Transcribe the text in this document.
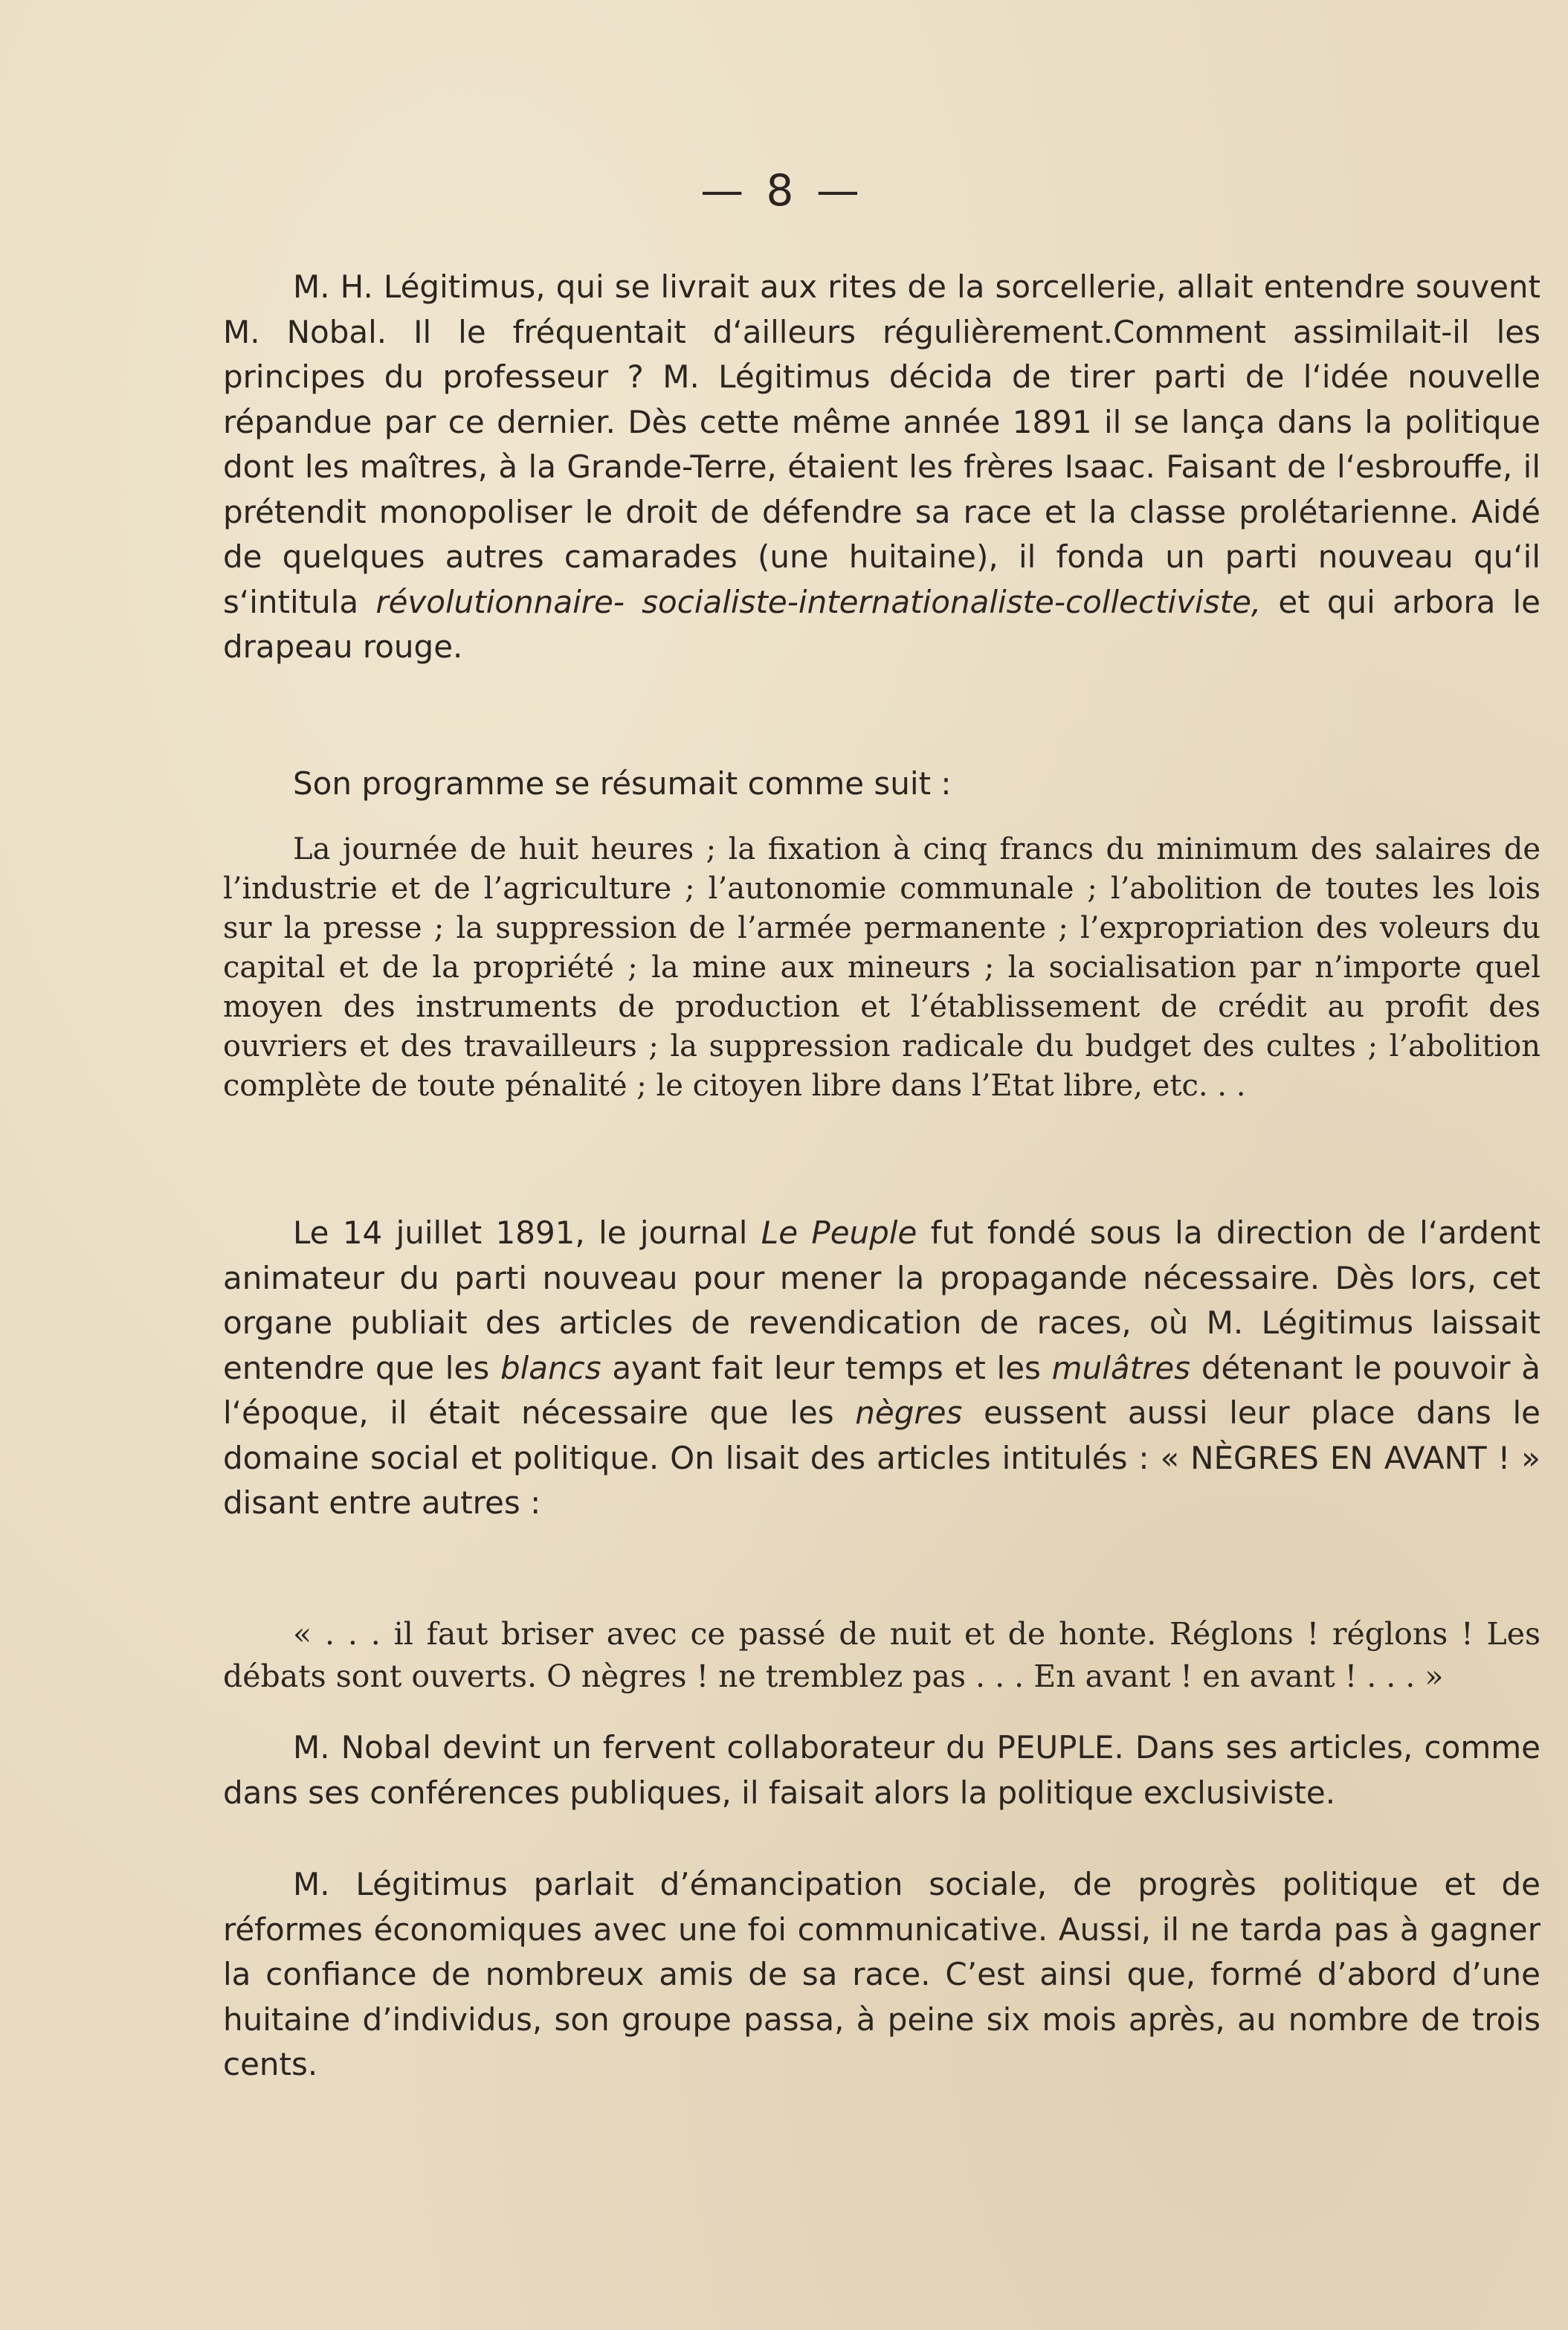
— 8 —

M. H. Légitimus, qui se livrait aux rites de la sorcellerie, allait entendre souvent M. Nobal. Il le fréquentait d‘ailleurs régulièrement.Comment assimilait-il les principes du professeur ? M. Légitimus décida de tirer parti de l‘idée nouvelle répandue par ce dernier. Dès cette même année 1891 il se lança dans la politique dont les maîtres, à la Grande-Terre, étaient les frères Isaac. Faisant de l‘esbrouffe, il prétendit monopoliser le droit de défendre sa race et la classe prolétarienne. Aidé de quelques autres camarades (une huitaine), il fonda un parti nouveau qu‘il s‘intitula révolutionnaire- socialiste-internationaliste-collectiviste, et qui arbora le drapeau rouge.

Son programme se résumait comme suit :

La journée de huit heures ; la fixation à cinq francs du minimum des salaires de l’industrie et de l’agriculture ; l’autonomie communale ; l’abolition de toutes les lois sur la presse ; la suppression de l’armée permanente ; l’expropriation des voleurs du capital et de la propriété ; la mine aux mineurs ; la socialisation par n’importe quel moyen des instruments de production et l’établissement de crédit au profit des ouvriers et des travailleurs ; la suppression radicale du budget des cultes ; l’abolition complète de toute pénalité ; le citoyen libre dans l’Etat libre, etc. . .

Le 14 juillet 1891, le journal Le Peuple fut fondé sous la direction de l‘ardent animateur du parti nouveau pour mener la propagande nécessaire. Dès lors, cet organe publiait des articles de revendication de races, où M. Légitimus laissait entendre que les blancs ayant fait leur temps et les mulâtres détenant le pouvoir à l‘époque, il était nécessaire que les nègres eussent aussi leur place dans le domaine social et politique. On lisait des articles intitulés : « NÈGRES EN AVANT ! » disant entre autres :

« . . . il faut briser avec ce passé de nuit et de honte. Réglons ! réglons ! Les débats sont ouverts. O nègres ! ne tremblez pas . . . En avant ! en avant ! . . . »

M. Nobal devint un fervent collaborateur du PEUPLE. Dans ses articles, comme dans ses conférences publiques, il faisait alors la politique exclusiviste.

M. Légitimus parlait d’émancipation sociale, de progrès politique et de réformes économiques avec une foi communicative. Aussi, il ne tarda pas à gagner la confiance de nombreux amis de sa race. C’est ainsi que, formé d’abord d’une huitaine d’individus, son groupe passa, à peine six mois après, au nombre de trois cents.
